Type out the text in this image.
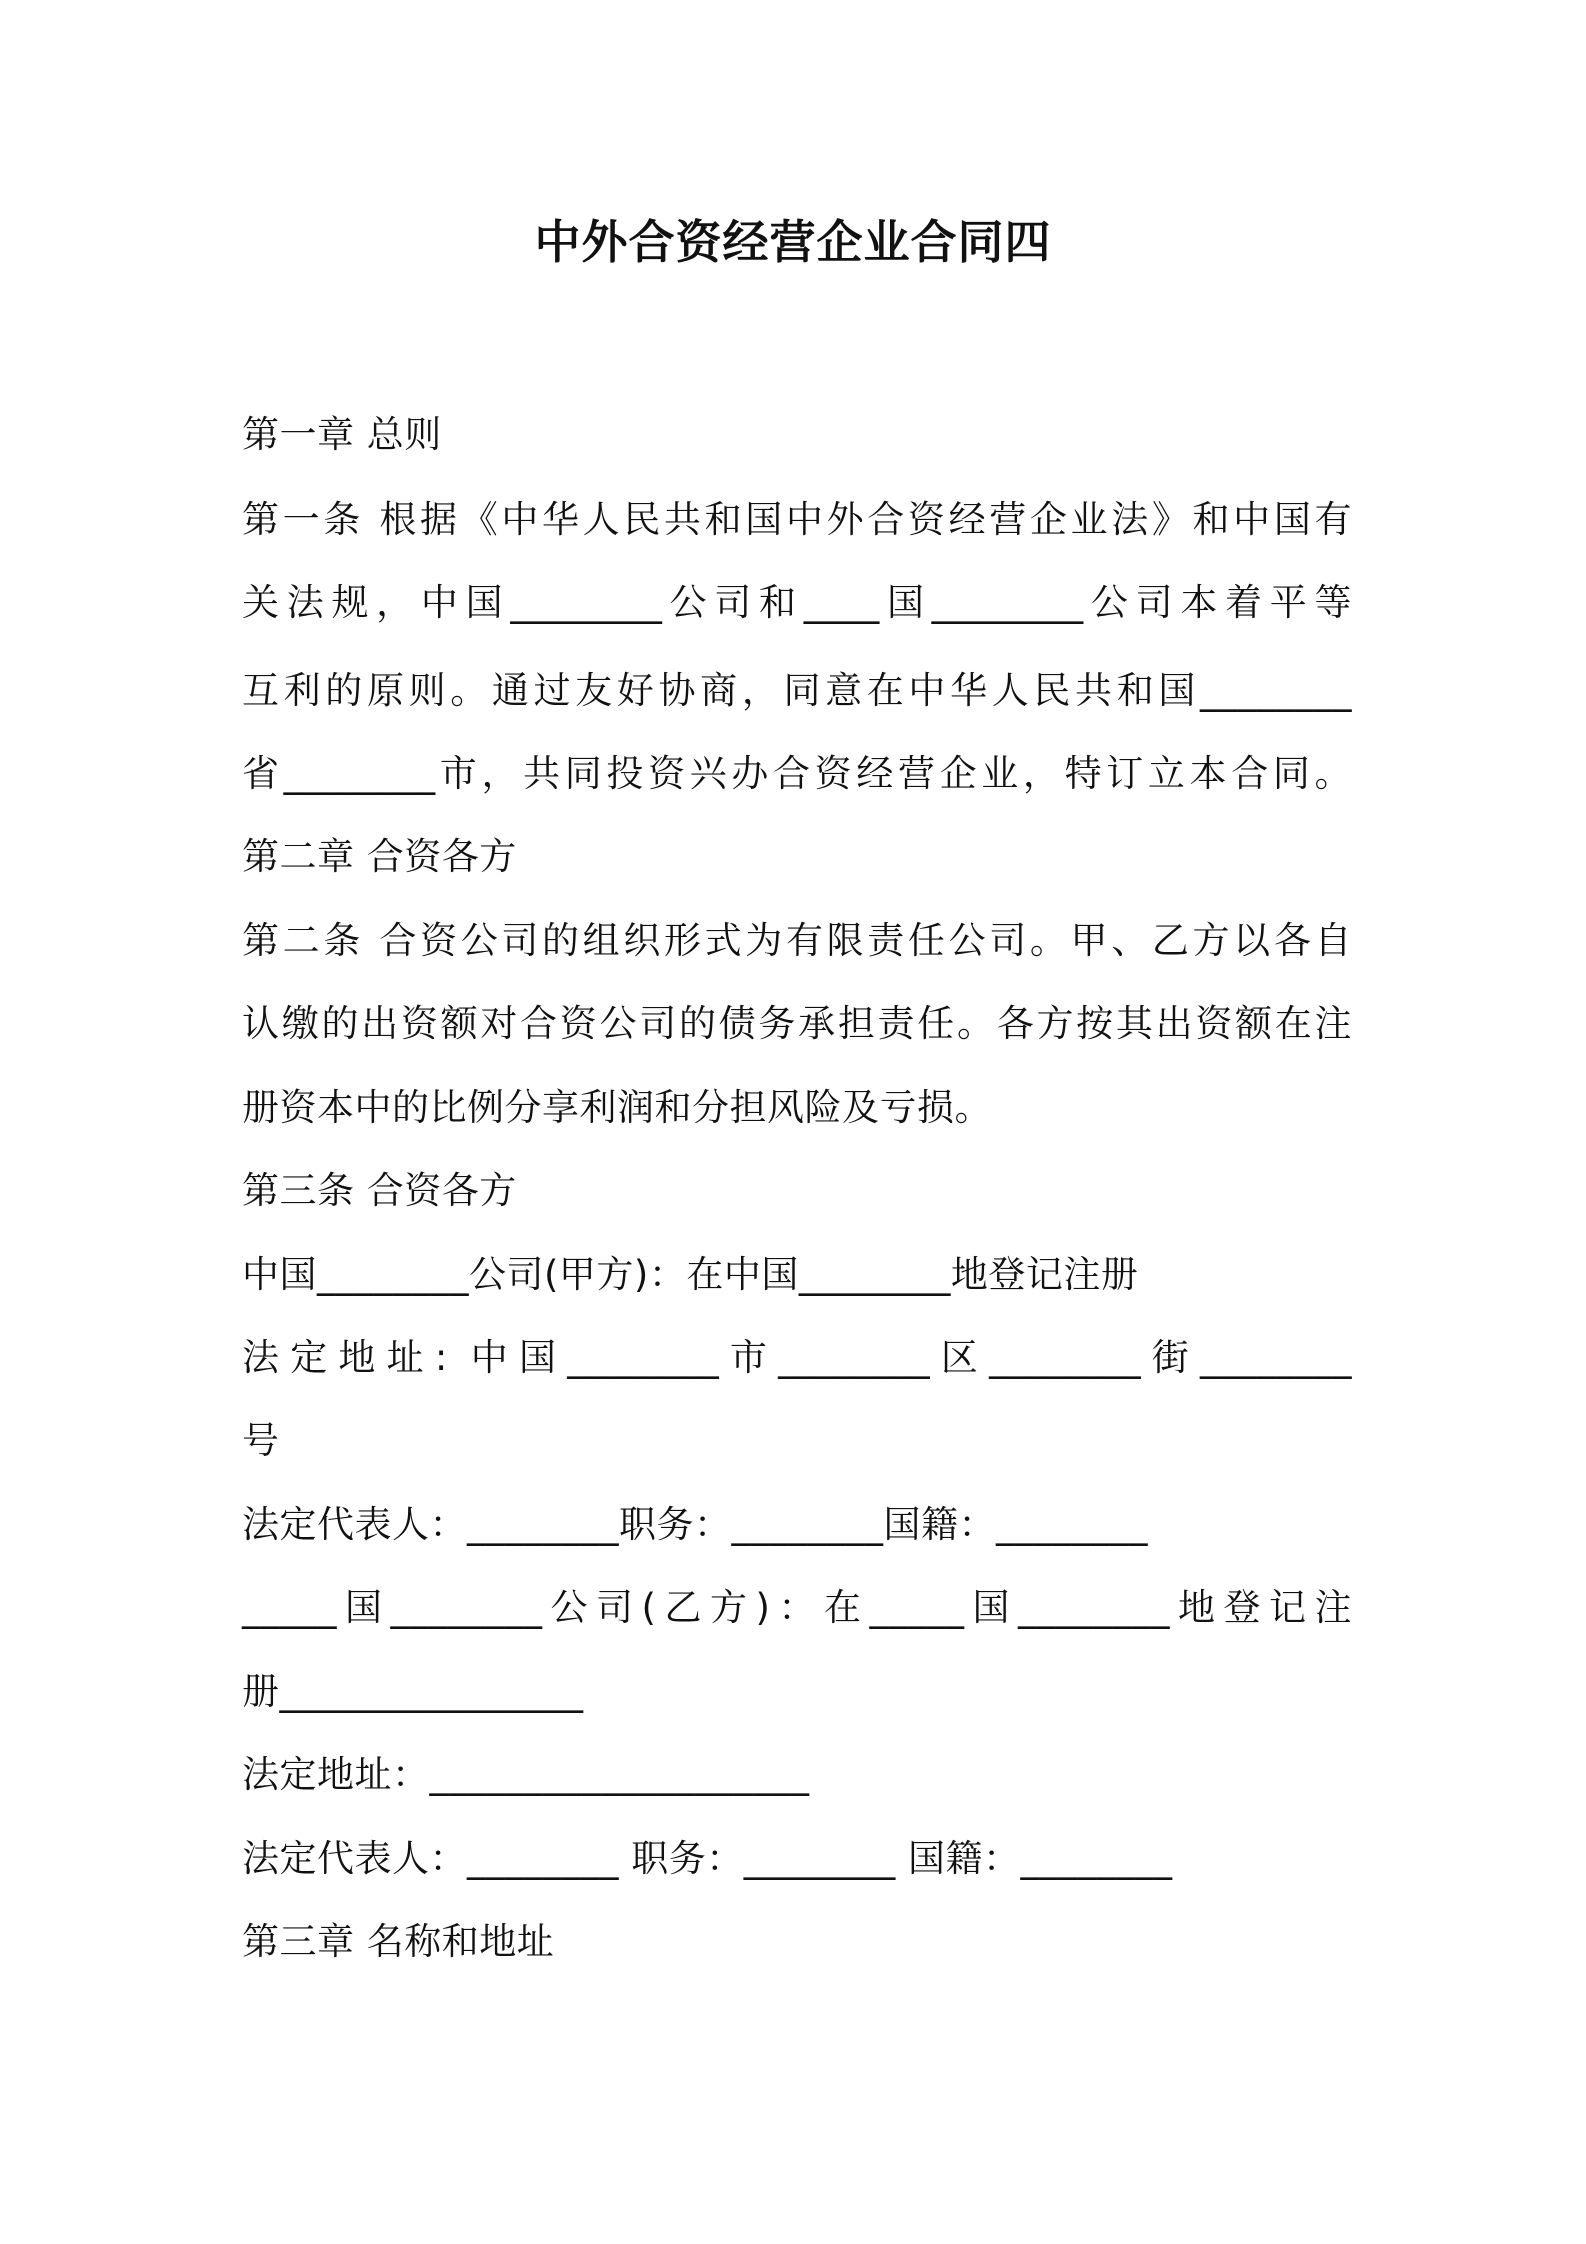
中外合资经营企业合同四
第一章 总则
第一条 根据《中华人民共和国中外合资经营企业法》和中国有
关法规，中国________公司和____国________公司本着平等
互利的原则。通过友好协商，同意在中华人民共和国________
省________市，共同投资兴办合资经营企业，特订立本合同。
第二章 合资各方
第二条 合资公司的组织形式为有限责任公司。甲、乙方以各自
认缴的出资额对合资公司的债务承担责任。各方按其出资额在注
册资本中的比例分享利润和分担风险及亏损。
第三条 合资各方
中国________公司(甲方)：在中国________地登记注册
法定地址: 中国________市________区________街________
号
法定代表人：________职务：________国籍：________
_____国________公司(乙方)：在_____国________地登记注
册________________
法定地址：____________________
法定代表人：________ 职务：________ 国籍：________
第三章 名称和地址
